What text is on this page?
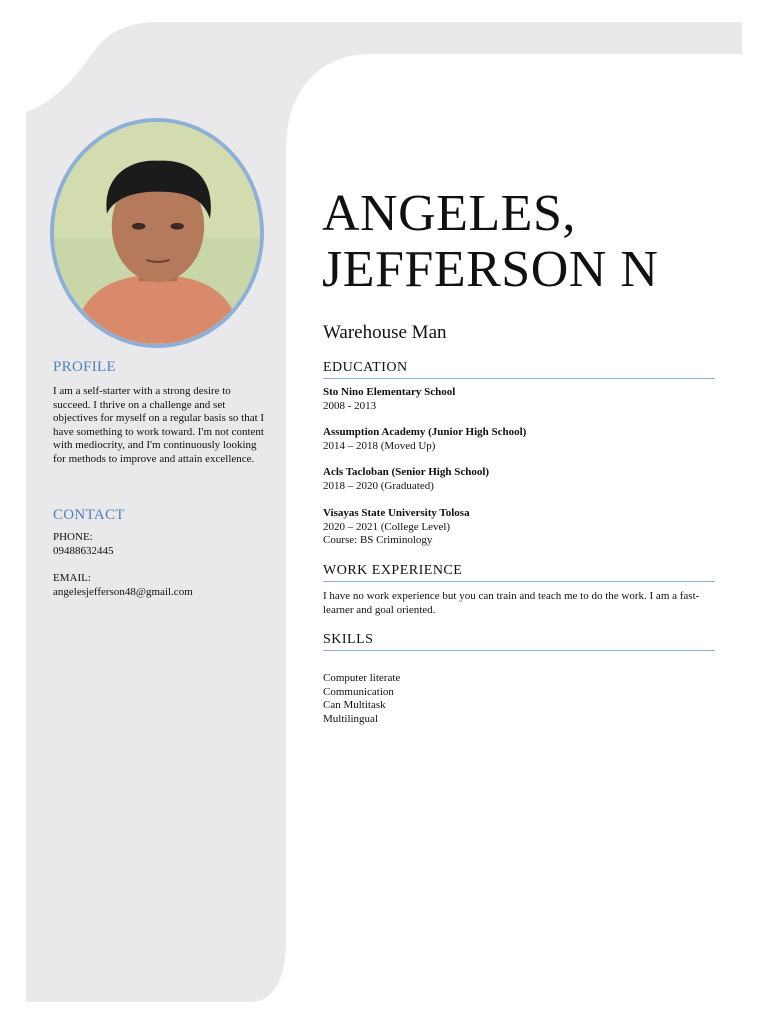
PROFILE
I am a self-starter with a strong desire to succeed. I thrive on a challenge and set objectives for myself on a regular basis so that I have something to work toward. I'm not content with mediocrity, and I'm continuously looking for methods to improve and attain excellence.
CONTACT
PHONE:
09488632445
EMAIL:
angelesjefferson48@gmail.com
ANGELES,
JEFFERSON N
Warehouse Man
EDUCATION
Sto Nino Elementary School
2008 - 2013
Assumption Academy (Junior High School)
2014 – 2018 (Moved Up)
Acls Tacloban (Senior High School)
2018 – 2020 (Graduated)
Visayas State University Tolosa
2020 – 2021 (College Level)
Course: BS Criminology
WORK EXPERIENCE
I have no work experience but you can train and teach me to do the work. I am a fast-learner and goal oriented.
SKILLS
Computer literate
Communication
Can Multitask
Multilingual
